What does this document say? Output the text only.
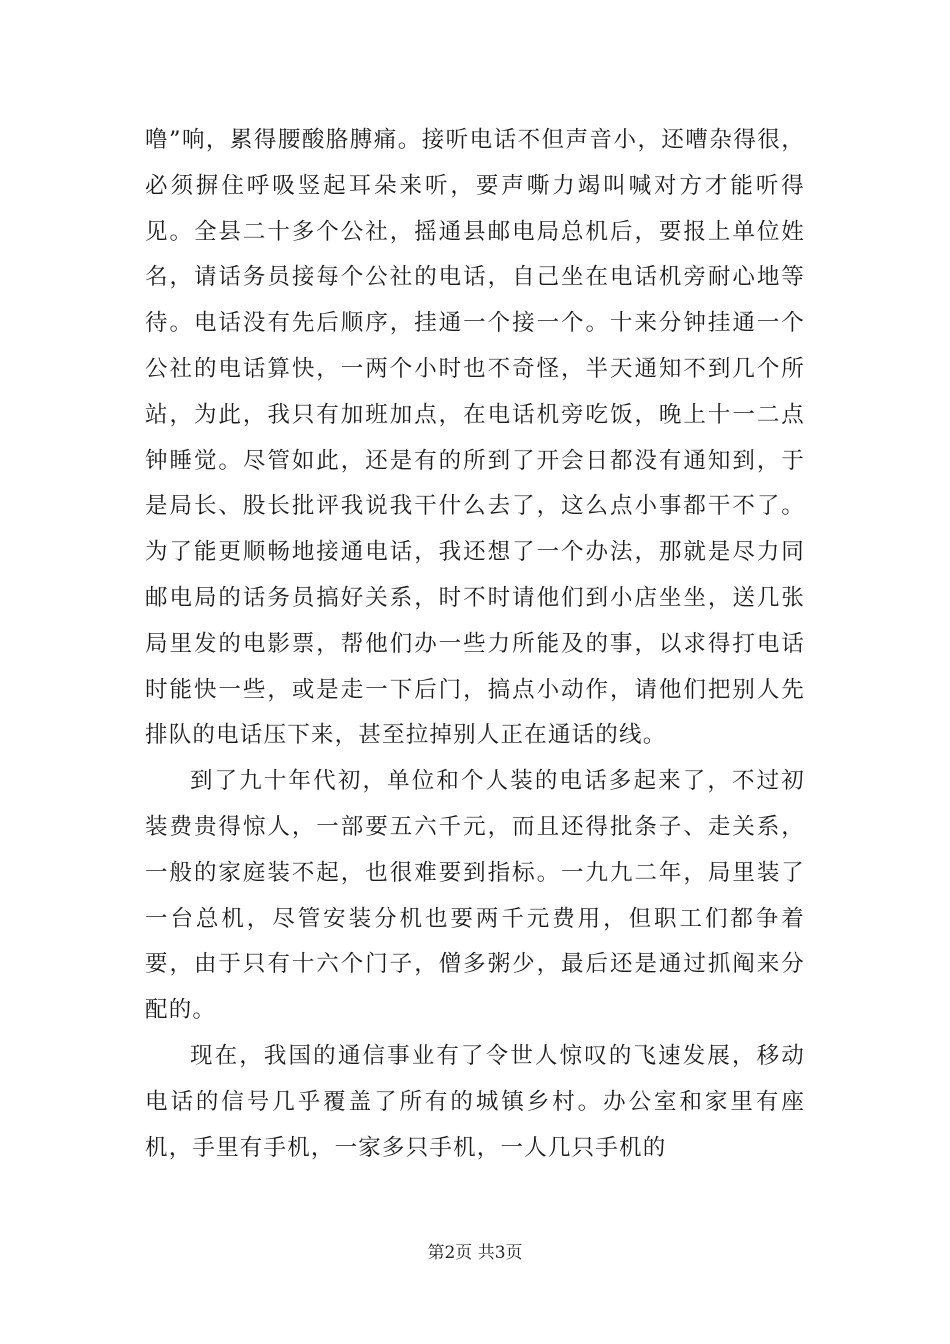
噜”响，累得腰酸胳膊痛。接听电话不但声音小，还嘈杂得很，必须摒住呼吸竖起耳朵来听，要声嘶力竭叫喊对方才能听得见。全县二十多个公社，摇通县邮电局总机后，要报上单位姓名，请话务员接每个公社的电话，自己坐在电话机旁耐心地等待。电话没有先后顺序，挂通一个接一个。十来分钟挂通一个公社的电话算快，一两个小时也不奇怪，半天通知不到几个所站，为此，我只有加班加点，在电话机旁吃饭，晚上十一二点钟睡觉。尽管如此，还是有的所到了开会日都没有通知到，于是局长、股长批评我说我干什么去了，这么点小事都干不了。为了能更顺畅地接通电话，我还想了一个办法，那就是尽力同邮电局的话务员搞好关系，时不时请他们到小店坐坐，送几张局里发的电影票，帮他们办一些力所能及的事，以求得打电话时能快一些，或是走一下后门，搞点小动作，请他们把别人先排队的电话压下来，甚至拉掉别人正在通话的线。

到了九十年代初，单位和个人装的电话多起来了，不过初装费贵得惊人，一部要五六千元，而且还得批条子、走关系，一般的家庭装不起，也很难要到指标。一九九二年，局里装了一台总机，尽管安装分机也要两千元费用，但职工们都争着要，由于只有十六个门子，僧多粥少，最后还是通过抓阄来分配的。

现在，我国的通信事业有了令世人惊叹的飞速发展，移动电话的信号几乎覆盖了所有的城镇乡村。办公室和家里有座机，手里有手机，一家多只手机，一人几只手机的

第2页 共3页
